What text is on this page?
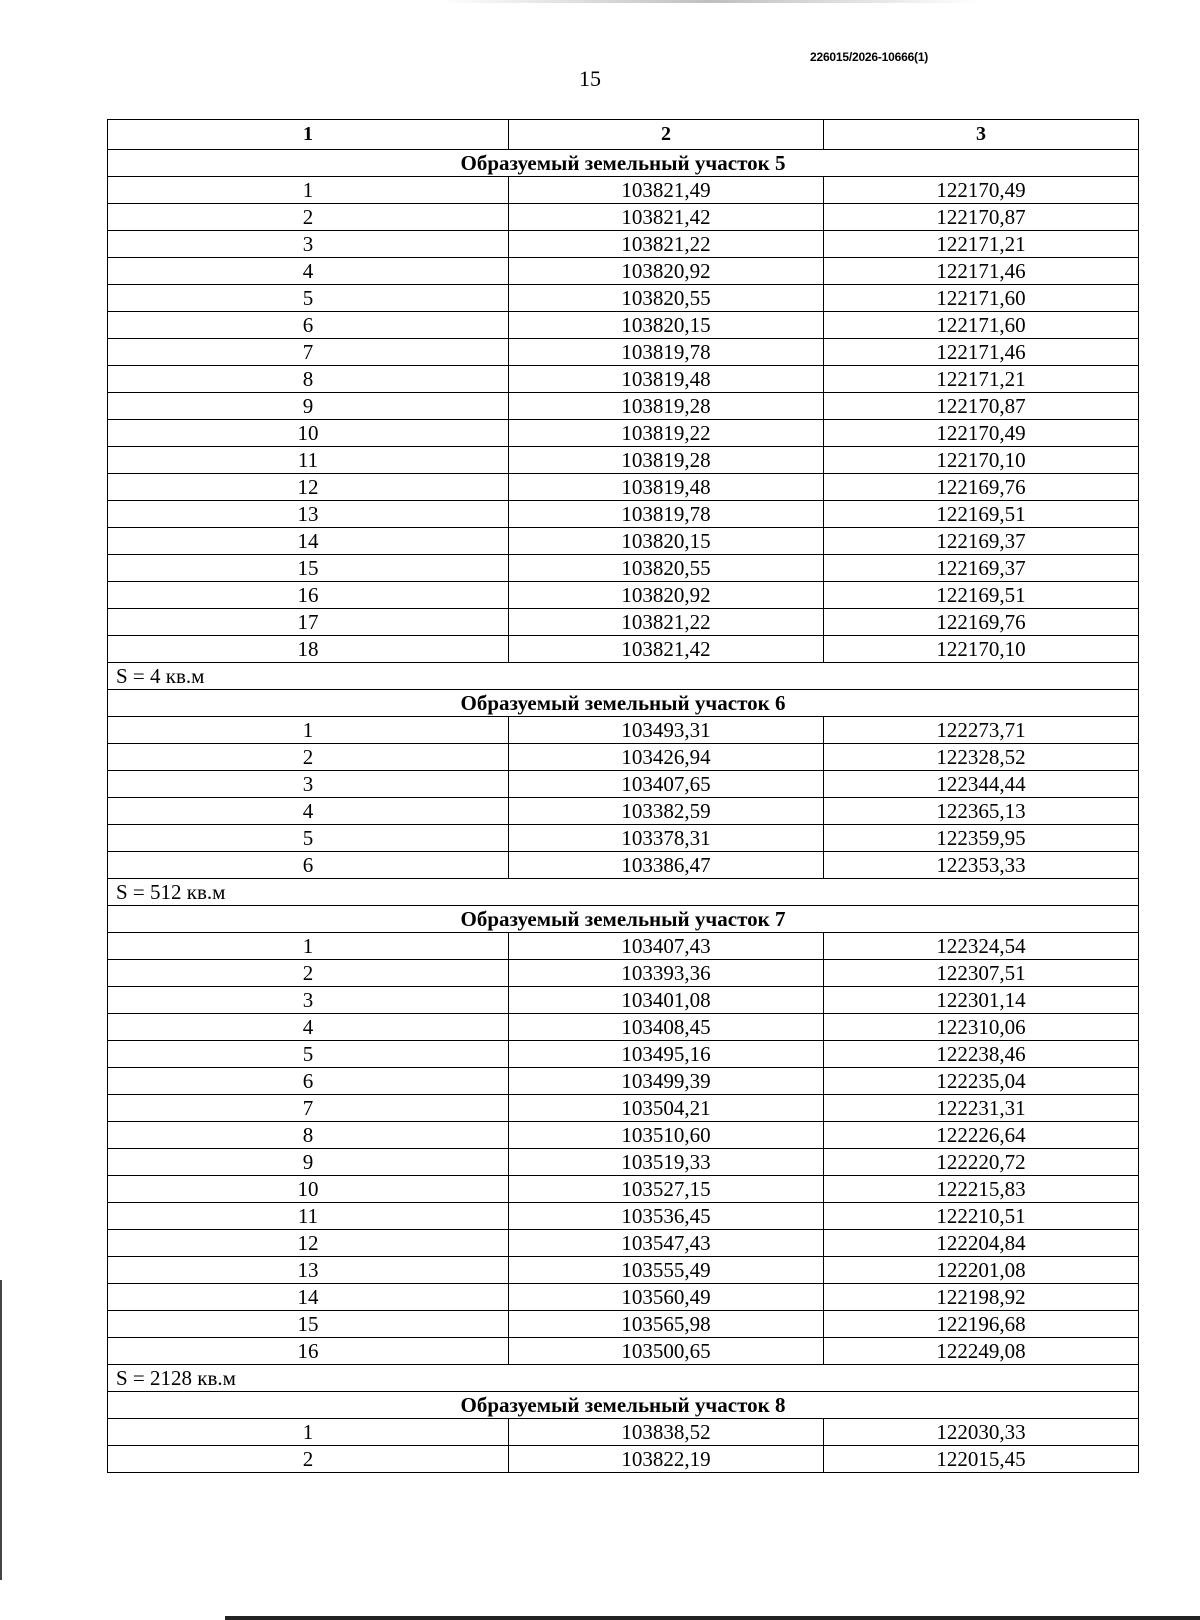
226015/2026-10666(1)
15
1	2	3
Образуемый земельный участок 5		
1	103821,49	122170,49
2	103821,42	122170,87
3	103821,22	122171,21
4	103820,92	122171,46
5	103820,55	122171,60
6	103820,15	122171,60
7	103819,78	122171,46
8	103819,48	122171,21
9	103819,28	122170,87
10	103819,22	122170,49
11	103819,28	122170,10
12	103819,48	122169,76
13	103819,78	122169,51
14	103820,15	122169,37
15	103820,55	122169,37
16	103820,92	122169,51
17	103821,22	122169,76
18	103821,42	122170,10
S = 4 кв.м		
Образуемый земельный участок 6		
1	103493,31	122273,71
2	103426,94	122328,52
3	103407,65	122344,44
4	103382,59	122365,13
5	103378,31	122359,95
6	103386,47	122353,33
S = 512 кв.м		
Образуемый земельный участок 7		
1	103407,43	122324,54
2	103393,36	122307,51
3	103401,08	122301,14
4	103408,45	122310,06
5	103495,16	122238,46
6	103499,39	122235,04
7	103504,21	122231,31
8	103510,60	122226,64
9	103519,33	122220,72
10	103527,15	122215,83
11	103536,45	122210,51
12	103547,43	122204,84
13	103555,49	122201,08
14	103560,49	122198,92
15	103565,98	122196,68
16	103500,65	122249,08
S = 2128 кв.м		
Образуемый земельный участок 8		
1	103838,52	122030,33
2	103822,19	122015,45
